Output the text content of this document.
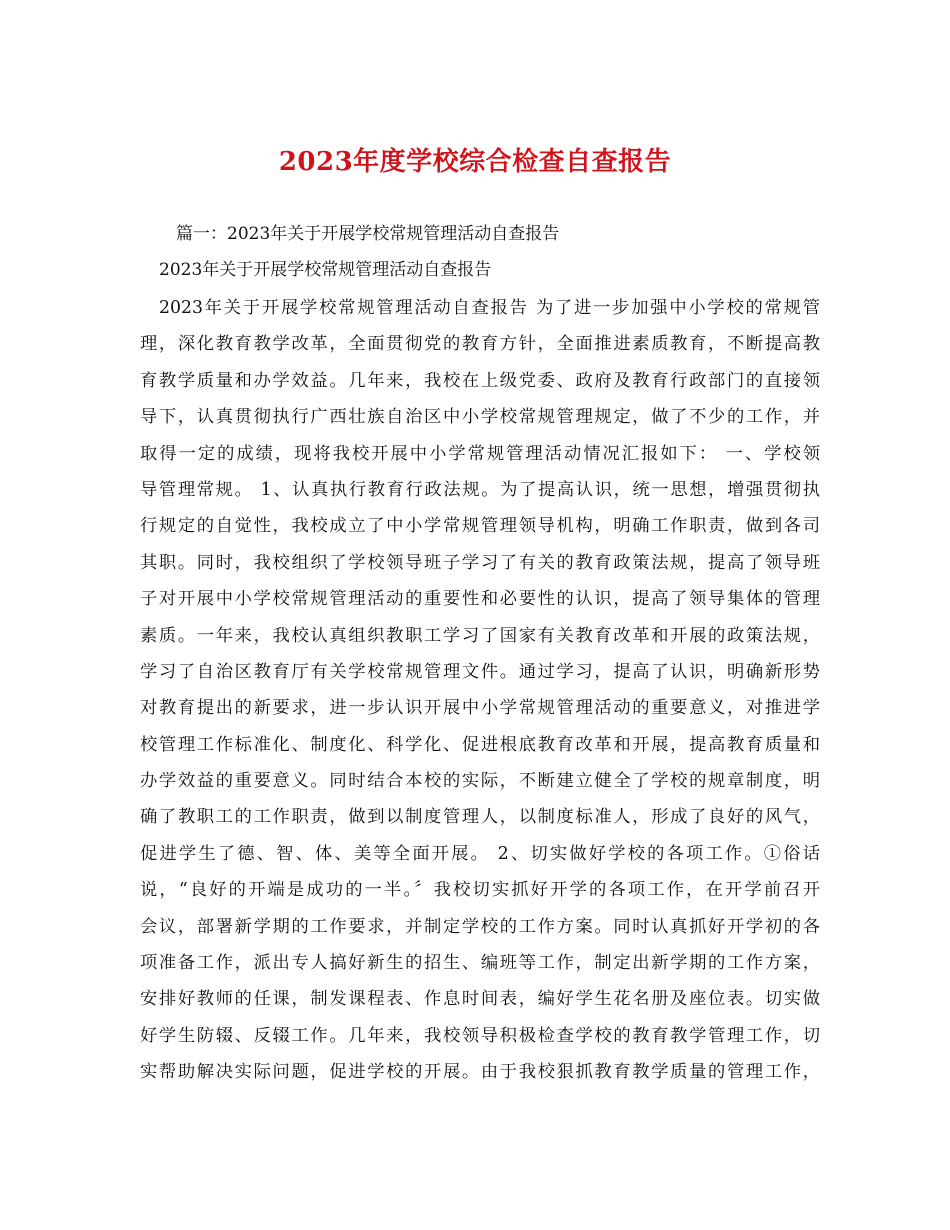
2023年度学校综合检查自查报告
篇一：2023年关于开展学校常规管理活动自查报告
2023年关于开展学校常规管理活动自查报告
2023年关于开展学校常规管理活动自查报告 为了进一步加强中小学校的常规管
理，深化教育教学改革，全面贯彻党的教育方针，全面推进素质教育，不断提高教
育教学质量和办学效益。几年来，我校在上级党委、政府及教育行政部门的直接领
导下，认真贯彻执行广西壮族自治区中小学校常规管理规定，做了不少的工作，并
取得一定的成绩，现将我校开展中小学常规管理活动情况汇报如下： 一、学校领
导管理常规。 1、认真执行教育行政法规。为了提高认识，统一思想，增强贯彻执
行规定的自觉性，我校成立了中小学常规管理领导机构，明确工作职责，做到各司
其职。同时，我校组织了学校领导班子学习了有关的教育政策法规，提高了领导班
子对开展中小学校常规管理活动的重要性和必要性的认识，提高了领导集体的管理
素质。一年来，我校认真组织教职工学习了国家有关教育改革和开展的政策法规，
学习了自治区教育厅有关学校常规管理文件。通过学习，提高了认识，明确新形势
对教育提出的新要求，进一步认识开展中小学常规管理活动的重要意义，对推进学
校管理工作标准化、制度化、科学化、促进根底教育改革和开展，提高教育质量和
办学效益的重要意义。同时结合本校的实际，不断建立健全了学校的规章制度，明
确了教职工的工作职责，做到以制度管理人，以制度标准人，形成了良好的风气，
促进学生了德、智、体、美等全面开展。 2、切实做好学校的各项工作。①俗话
说，“良好的开端是成功的一半。〞我校切实抓好开学的各项工作，在开学前召开
会议，部署新学期的工作要求，并制定学校的工作方案。同时认真抓好开学初的各
项准备工作，派出专人搞好新生的招生、编班等工作，制定出新学期的工作方案，
安排好教师的任课，制发课程表、作息时间表，编好学生花名册及座位表。切实做
好学生防辍、反辍工作。几年来，我校领导积极检查学校的教育教学管理工作，切
实帮助解决实际问题，促进学校的开展。由于我校狠抓教育教学质量的管理工作，
